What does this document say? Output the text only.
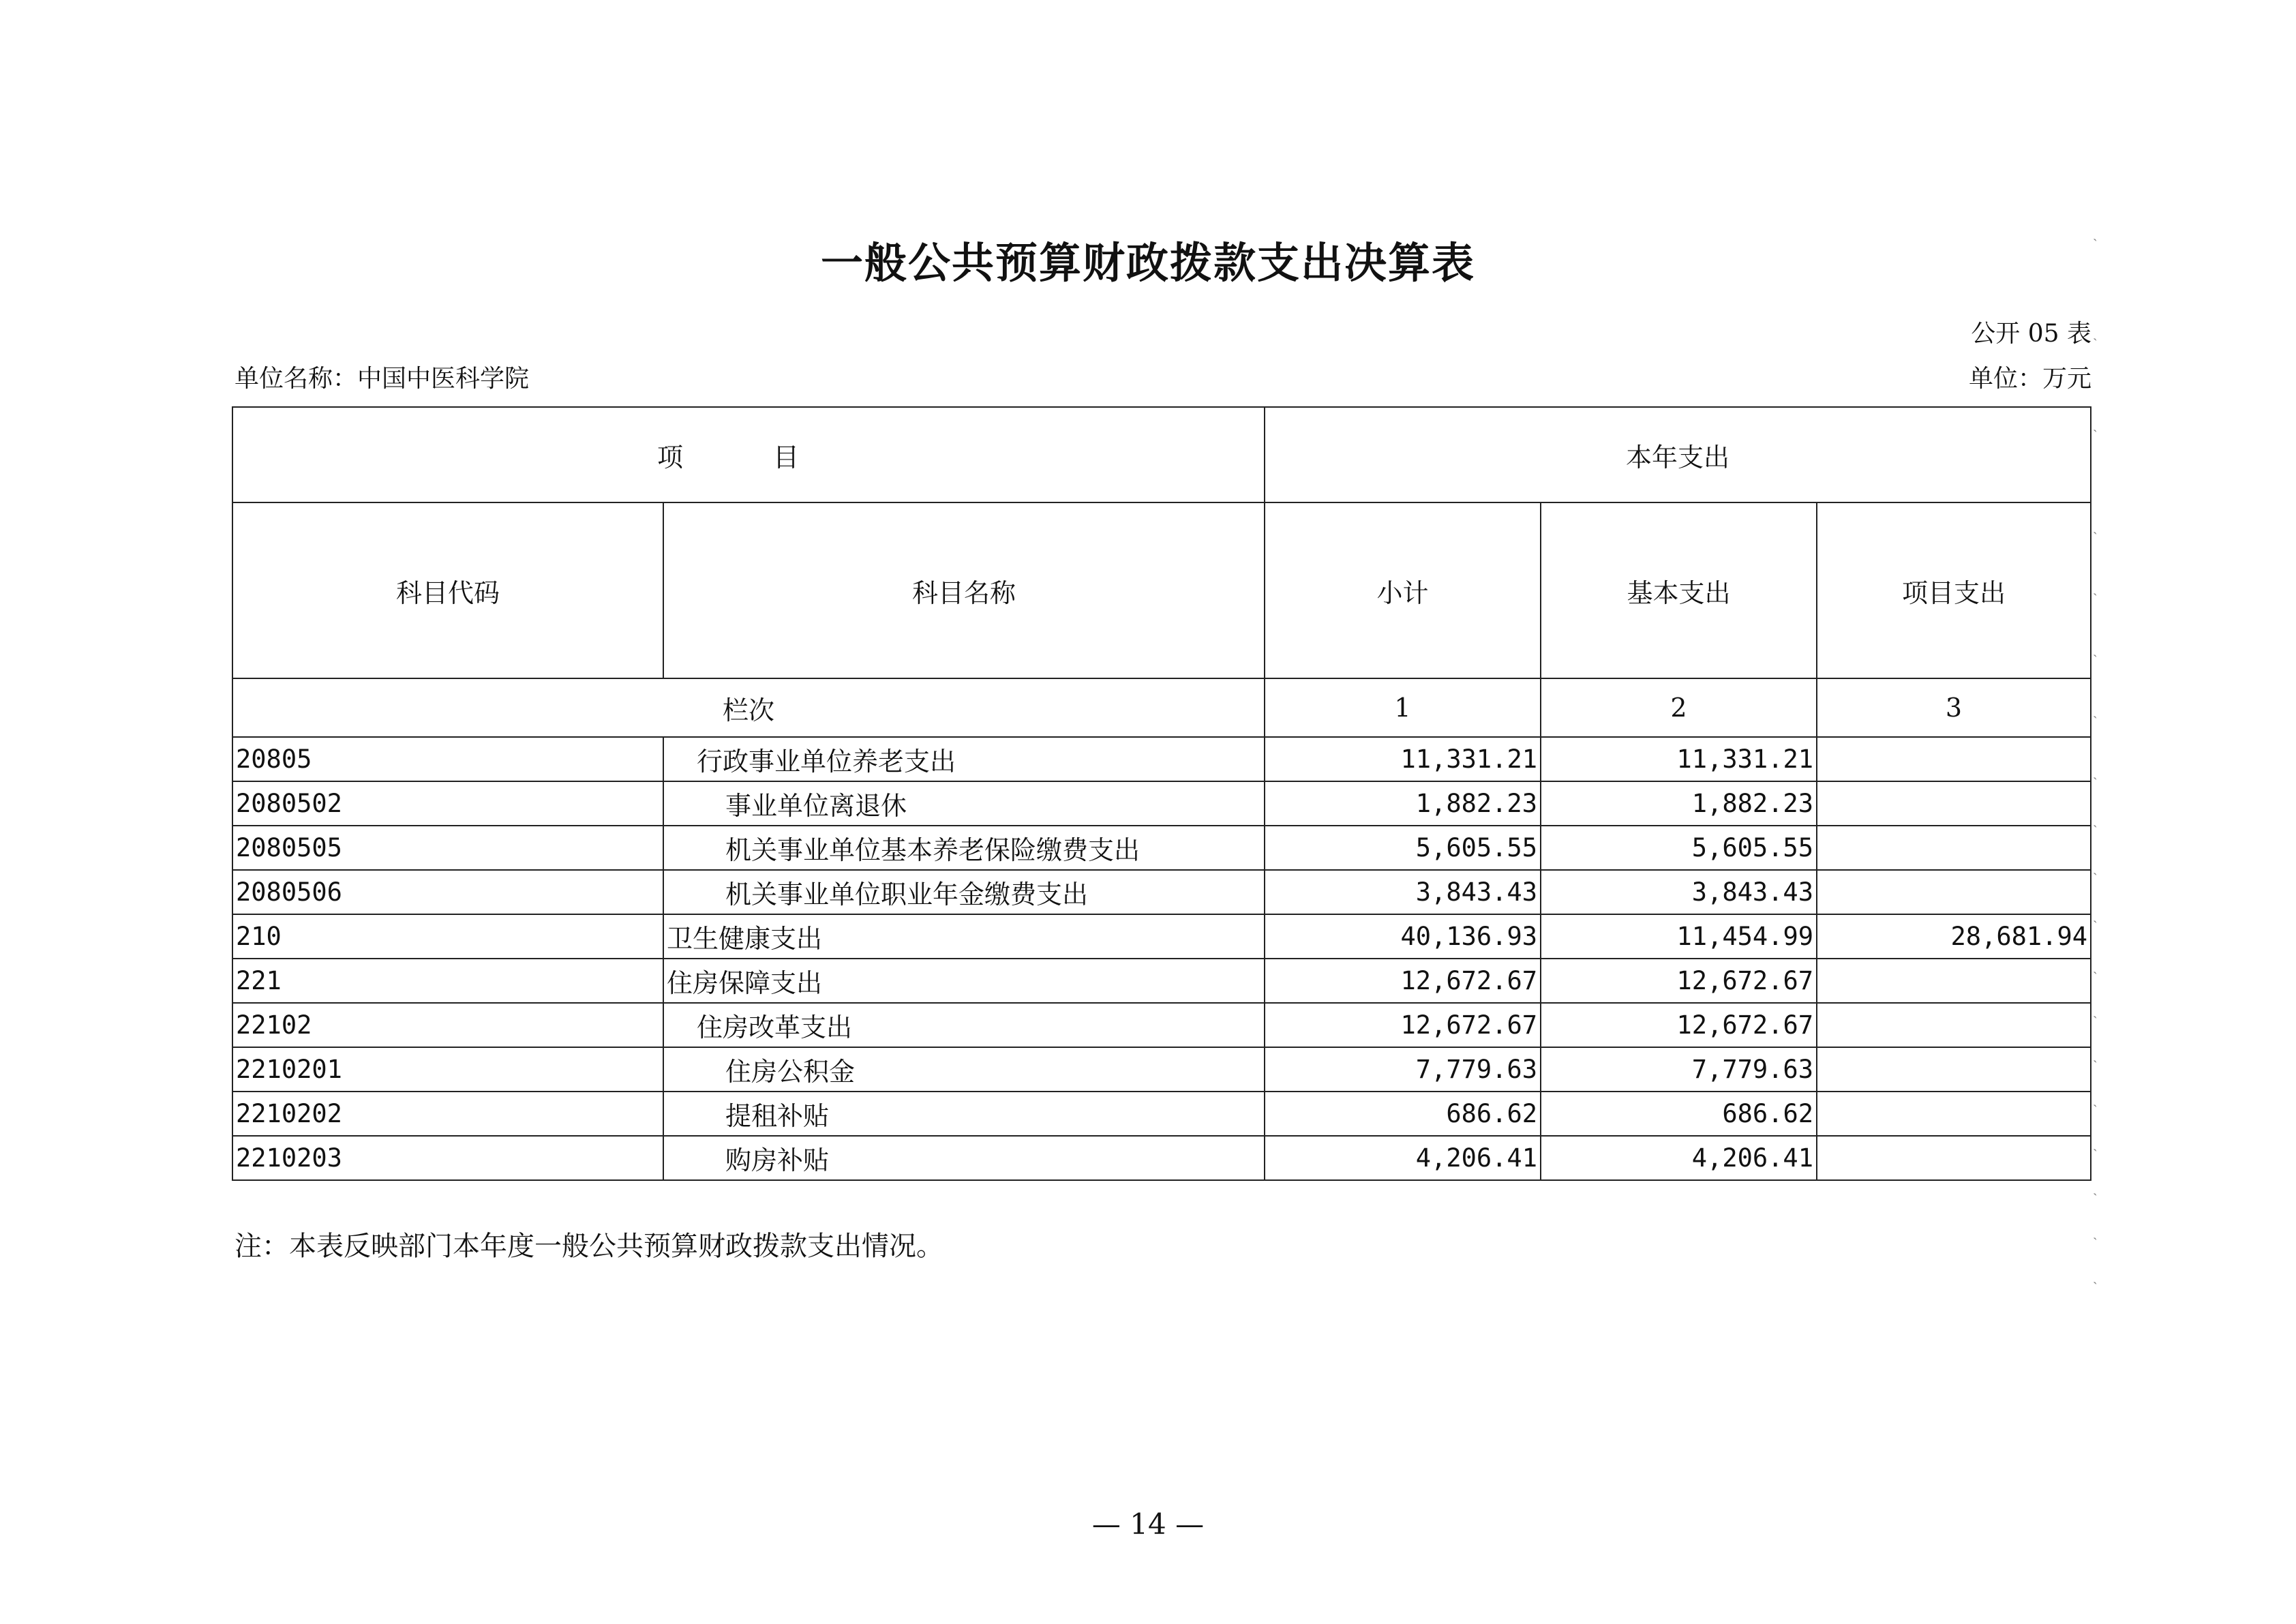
一般公共预算财政拨款支出决算表
公开 05 表
单位名称：中国中医科学院	单位：万元
项 目		本年支出		
科目代码	科目名称	小计	基本支出	项目支出
栏次		1	2	3
20805	行政事业单位养老支出	11,331.21	11,331.21	
2080502	事业单位离退休	1,882.23	1,882.23	
2080505	机关事业单位基本养老保险缴费支出	5,605.55	5,605.55	
2080506	机关事业单位职业年金缴费支出	3,843.43	3,843.43	
210	卫生健康支出	40,136.93	11,454.99	28,681.94
221	住房保障支出	12,672.67	12,672.67	
22102	住房改革支出	12,672.67	12,672.67	
2210201	住房公积金	7,779.63	7,779.63	
2210202	提租补贴	686.62	686.62	
2210203	购房补贴	4,206.41	4,206.41	
注：本表反映部门本年度一般公共预算财政拨款支出情况。
— 14 —
ˏ
ˏ
ˏ
ˏ
ˏ
ˏ
ˏ
ˏ
ˏ
ˏ
ˏ
ˏ
ˏ
ˏ
ˏ
ˏ
ˏ
ˏ
ˏ
